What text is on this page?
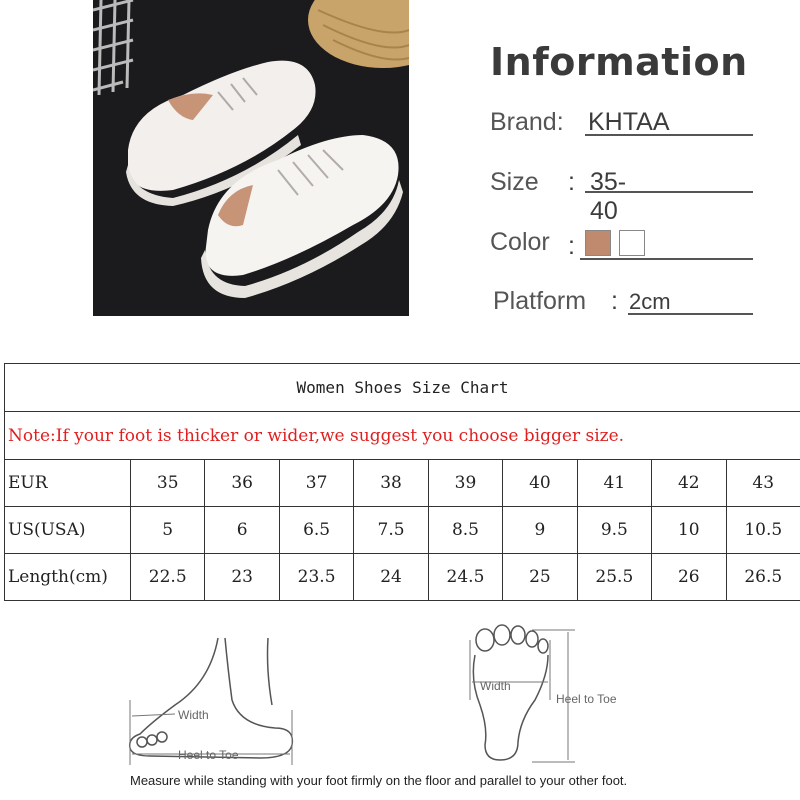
Information
Brand: KHTAA
Size : 35-40
Color :
Platform : 2cm
Women Shoes Size Chart									
Note:If your foot is thicker or wider,we suggest you choose bigger size.									
EUR	35	36	37	38	39	40	41	42	43
US(USA)	5	6	6.5	7.5	8.5	9	9.5	10	10.5
Length(cm)	22.5	23	23.5	24	24.5	25	25.5	26	26.5
Width
Heel to Toe
Width
Heel to Toe
Measure while standing with your foot firmly on the floor and parallel to your other foot.
